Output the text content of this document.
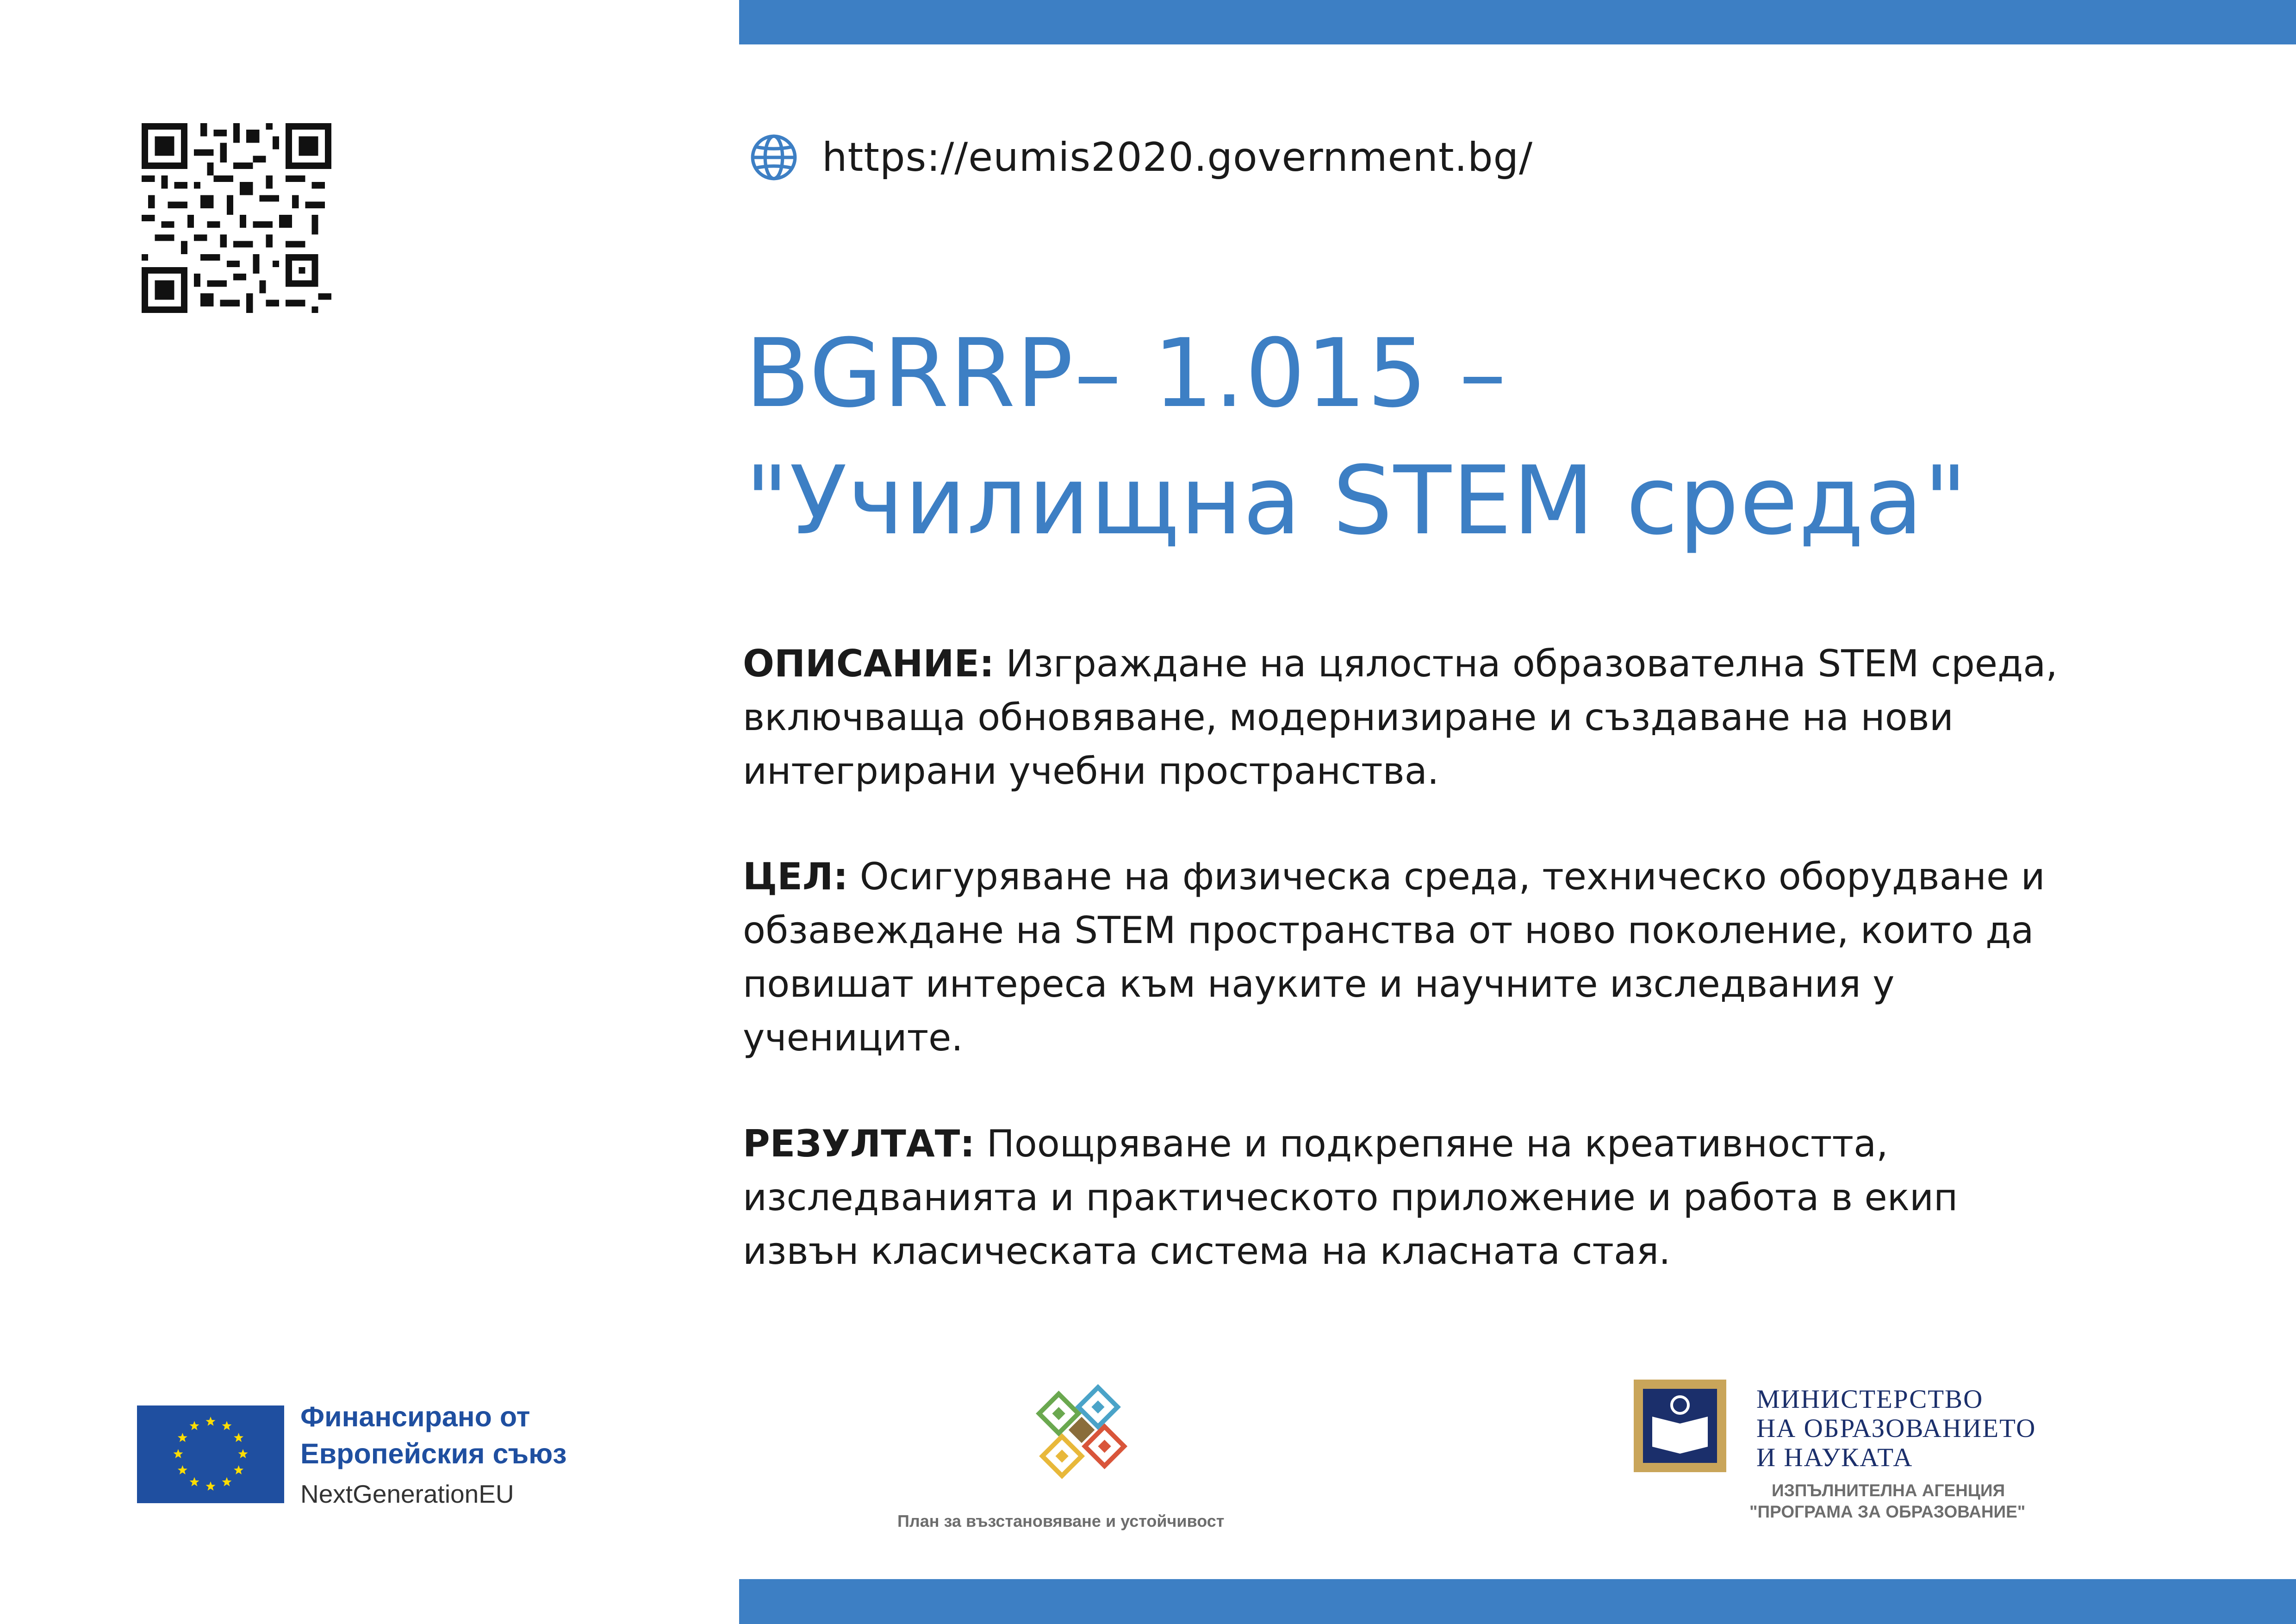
https://eumis2020.government.bg/
BGRRP– 1.015 –
"Училищна STEM среда"
ОПИСАНИЕ: Изграждане на цялостна образователна STEM среда,
включваща обновяване, модернизиране и създаване на нови
интегрирани учебни пространства.
ЦЕЛ: Осигуряване на физическа среда, техническо оборудване и
обзавеждане на STEM пространства от ново поколение, които да
повишат интереса към науките и научните изследвания у
учениците.
РЕЗУЛТАТ: Поощряване и подкрепяне на креативността,
изследванията и практическото приложение и работа в екип
извън класическата система на класната стая.
Финансирано от
Европейския съюз
NextGenerationEU
План за възстановяване и устойчивост
МИНИСТЕРСТВО
НА ОБРАЗОВАНИЕТО
И НАУКАТА
ИЗПЪЛНИТЕЛНА АГЕНЦИЯ
"ПРОГРАМА ЗА ОБРАЗОВАНИЕ"
